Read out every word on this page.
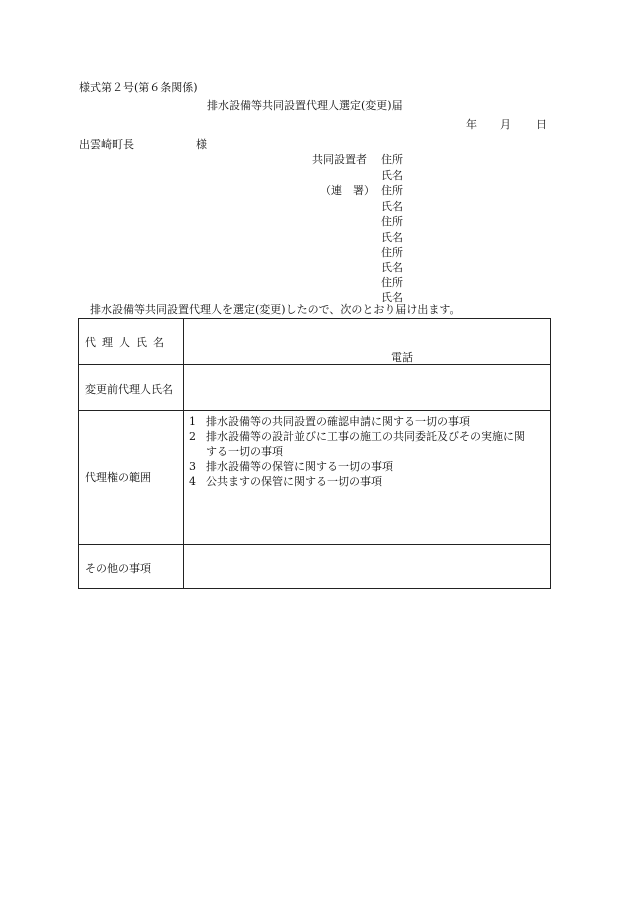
様式第２号(第６条関係)
排水設備等共同設置代理人選定(変更)届
年 月 日
出雲崎町長	様
共同設置者
（連　署）
住所
氏名
住所
氏名
住所
氏名
住所
氏名
住所
氏名
排水設備等共同設置代理人を選定(変更)したので、次のとおり届け出ます。
代理人氏名
電話
変更前代理人氏名
代理権の範囲
1 排水設備等の共同設置の確認申請に関する一切の事項
2 排水設備等の設計並びに工事の施工の共同委託及びその実施に関
する一切の事項
3 排水設備等の保管に関する一切の事項
4 公共ますの保管に関する一切の事項
その他の事項
